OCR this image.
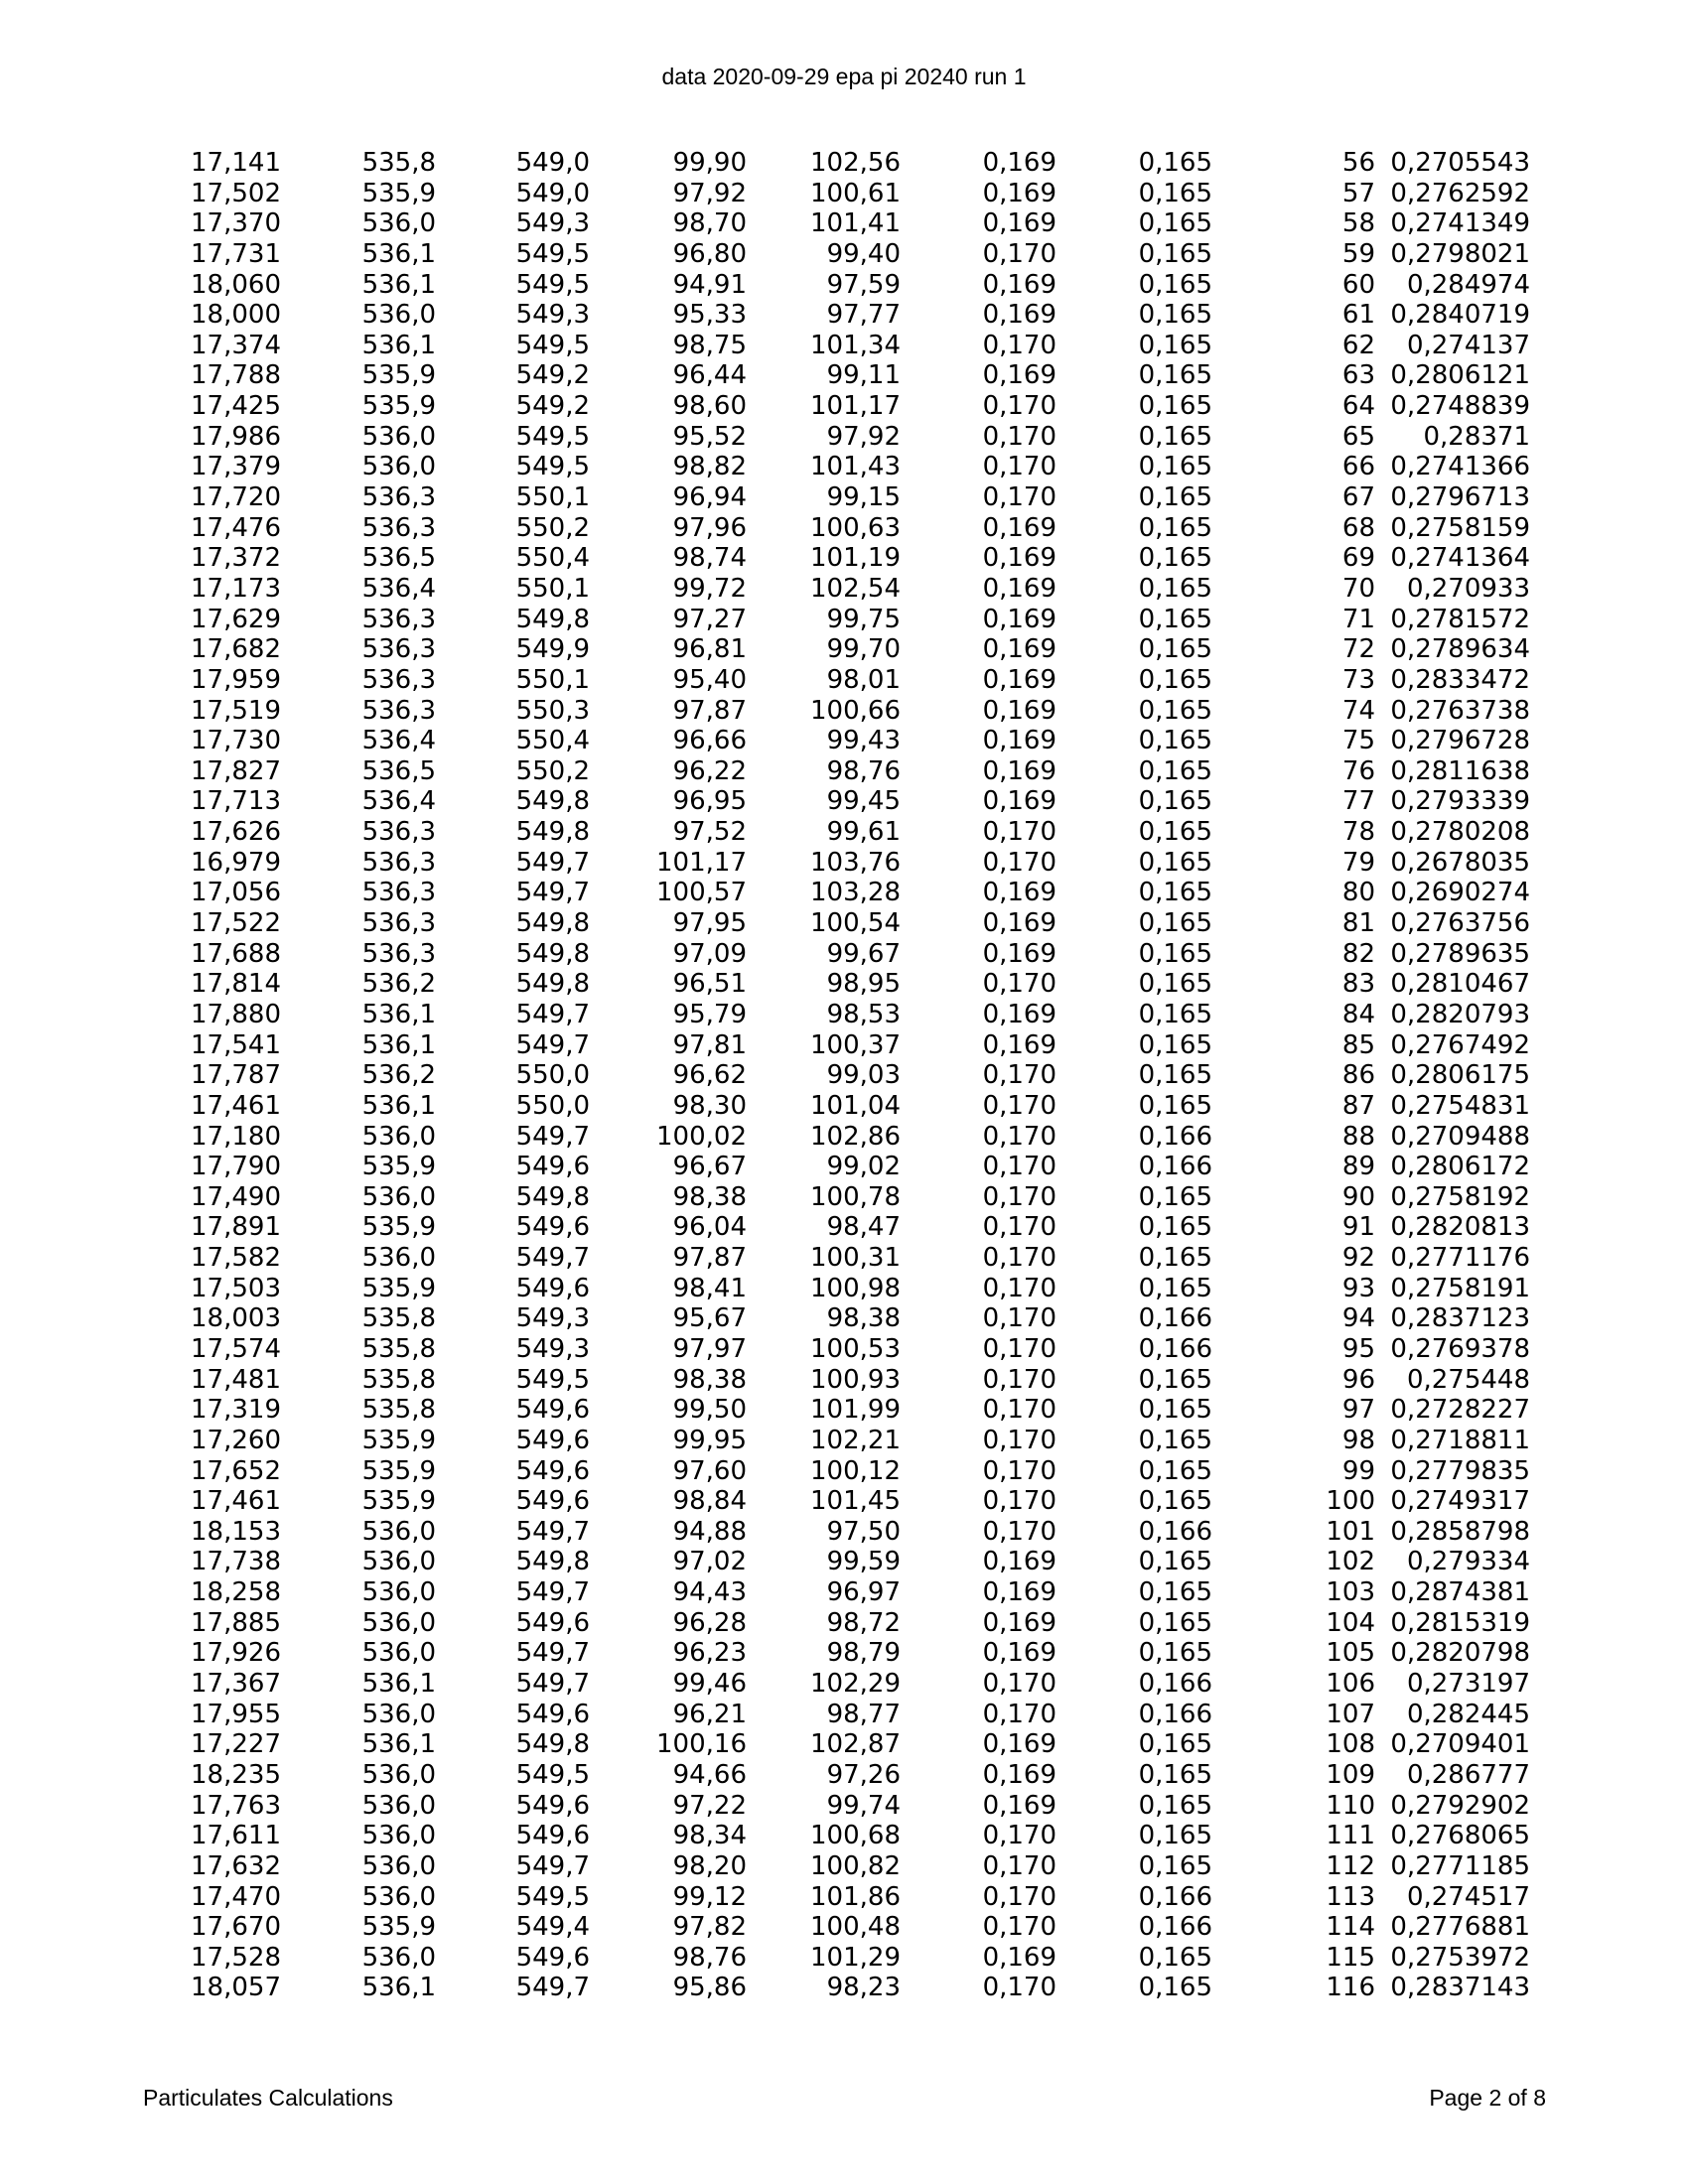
data 2020-09-29 epa pi 20240 run 1
17,141	535,8	549,0	99,90	102,56	0,169	0,165	56	0,2705543
17,502	535,9	549,0	97,92	100,61	0,169	0,165	57	0,2762592
17,370	536,0	549,3	98,70	101,41	0,169	0,165	58	0,2741349
17,731	536,1	549,5	96,80	99,40	0,170	0,165	59	0,2798021
18,060	536,1	549,5	94,91	97,59	0,169	0,165	60	0,284974
18,000	536,0	549,3	95,33	97,77	0,169	0,165	61	0,2840719
17,374	536,1	549,5	98,75	101,34	0,170	0,165	62	0,274137
17,788	535,9	549,2	96,44	99,11	0,169	0,165	63	0,2806121
17,425	535,9	549,2	98,60	101,17	0,170	0,165	64	0,2748839
17,986	536,0	549,5	95,52	97,92	0,170	0,165	65	0,28371
17,379	536,0	549,5	98,82	101,43	0,170	0,165	66	0,2741366
17,720	536,3	550,1	96,94	99,15	0,170	0,165	67	0,2796713
17,476	536,3	550,2	97,96	100,63	0,169	0,165	68	0,2758159
17,372	536,5	550,4	98,74	101,19	0,169	0,165	69	0,2741364
17,173	536,4	550,1	99,72	102,54	0,169	0,165	70	0,270933
17,629	536,3	549,8	97,27	99,75	0,169	0,165	71	0,2781572
17,682	536,3	549,9	96,81	99,70	0,169	0,165	72	0,2789634
17,959	536,3	550,1	95,40	98,01	0,169	0,165	73	0,2833472
17,519	536,3	550,3	97,87	100,66	0,169	0,165	74	0,2763738
17,730	536,4	550,4	96,66	99,43	0,169	0,165	75	0,2796728
17,827	536,5	550,2	96,22	98,76	0,169	0,165	76	0,2811638
17,713	536,4	549,8	96,95	99,45	0,169	0,165	77	0,2793339
17,626	536,3	549,8	97,52	99,61	0,170	0,165	78	0,2780208
16,979	536,3	549,7	101,17	103,76	0,170	0,165	79	0,2678035
17,056	536,3	549,7	100,57	103,28	0,169	0,165	80	0,2690274
17,522	536,3	549,8	97,95	100,54	0,169	0,165	81	0,2763756
17,688	536,3	549,8	97,09	99,67	0,169	0,165	82	0,2789635
17,814	536,2	549,8	96,51	98,95	0,170	0,165	83	0,2810467
17,880	536,1	549,7	95,79	98,53	0,169	0,165	84	0,2820793
17,541	536,1	549,7	97,81	100,37	0,169	0,165	85	0,2767492
17,787	536,2	550,0	96,62	99,03	0,170	0,165	86	0,2806175
17,461	536,1	550,0	98,30	101,04	0,170	0,165	87	0,2754831
17,180	536,0	549,7	100,02	102,86	0,170	0,166	88	0,2709488
17,790	535,9	549,6	96,67	99,02	0,170	0,166	89	0,2806172
17,490	536,0	549,8	98,38	100,78	0,170	0,165	90	0,2758192
17,891	535,9	549,6	96,04	98,47	0,170	0,165	91	0,2820813
17,582	536,0	549,7	97,87	100,31	0,170	0,165	92	0,2771176
17,503	535,9	549,6	98,41	100,98	0,170	0,165	93	0,2758191
18,003	535,8	549,3	95,67	98,38	0,170	0,166	94	0,2837123
17,574	535,8	549,3	97,97	100,53	0,170	0,166	95	0,2769378
17,481	535,8	549,5	98,38	100,93	0,170	0,165	96	0,275448
17,319	535,8	549,6	99,50	101,99	0,170	0,165	97	0,2728227
17,260	535,9	549,6	99,95	102,21	0,170	0,165	98	0,2718811
17,652	535,9	549,6	97,60	100,12	0,170	0,165	99	0,2779835
17,461	535,9	549,6	98,84	101,45	0,170	0,165	100	0,2749317
18,153	536,0	549,7	94,88	97,50	0,170	0,166	101	0,2858798
17,738	536,0	549,8	97,02	99,59	0,169	0,165	102	0,279334
18,258	536,0	549,7	94,43	96,97	0,169	0,165	103	0,2874381
17,885	536,0	549,6	96,28	98,72	0,169	0,165	104	0,2815319
17,926	536,0	549,7	96,23	98,79	0,169	0,165	105	0,2820798
17,367	536,1	549,7	99,46	102,29	0,170	0,166	106	0,273197
17,955	536,0	549,6	96,21	98,77	0,170	0,166	107	0,282445
17,227	536,1	549,8	100,16	102,87	0,169	0,165	108	0,2709401
18,235	536,0	549,5	94,66	97,26	0,169	0,165	109	0,286777
17,763	536,0	549,6	97,22	99,74	0,169	0,165	110	0,2792902
17,611	536,0	549,6	98,34	100,68	0,170	0,165	111	0,2768065
17,632	536,0	549,7	98,20	100,82	0,170	0,165	112	0,2771185
17,470	536,0	549,5	99,12	101,86	0,170	0,166	113	0,274517
17,670	535,9	549,4	97,82	100,48	0,170	0,166	114	0,2776881
17,528	536,0	549,6	98,76	101,29	0,169	0,165	115	0,2753972
18,057	536,1	549,7	95,86	98,23	0,170	0,165	116	0,2837143
Particulates Calculations	Page 2 of 8
